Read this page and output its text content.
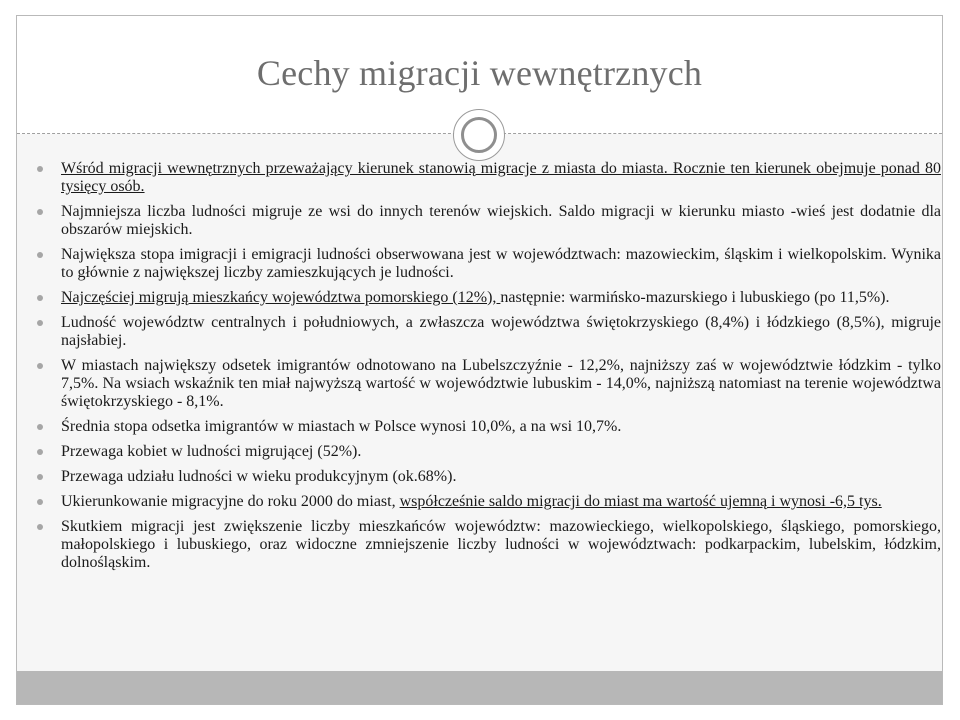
Cechy migracji wewnętrznych
Wśród migracji wewnętrznych przeważający kierunek stanowią migracje z miasta do miasta. Rocznie ten kierunek obejmuje ponad 80 tysięcy osób.
Najmniejsza liczba ludności migruje ze wsi do innych terenów wiejskich. Saldo migracji w kierunku miasto -wieś jest dodatnie dla obszarów miejskich.
Największa stopa imigracji i emigracji ludności obserwowana jest w województwach: mazowieckim, śląskim i wielkopolskim. Wynika to głównie z największej liczby zamieszkujących je ludności.
Najczęściej migrują mieszkańcy województwa pomorskiego (12%), następnie: warmińsko-mazurskiego i lubuskiego (po 11,5%).
Ludność województw centralnych i południowych, a zwłaszcza województwa świętokrzyskiego (8,4%) i łódzkiego (8,5%), migruje najsłabiej.
W miastach największy odsetek imigrantów odnotowano na Lubelszczyźnie - 12,2%, najniższy zaś w województwie łódzkim - tylko 7,5%. Na wsiach wskaźnik ten miał najwyższą wartość w województwie lubuskim - 14,0%, najniższą natomiast na terenie województwa świętokrzyskiego - 8,1%.
Średnia stopa odsetka imigrantów w miastach w Polsce wynosi 10,0%, a na wsi 10,7%.
Przewaga kobiet w ludności migrującej (52%).
Przewaga udziału ludności w wieku produkcyjnym (ok.68%).
Ukierunkowanie migracyjne do roku 2000 do miast, współcześnie saldo migracji do miast ma wartość ujemną i wynosi -6,5 tys.
Skutkiem migracji jest zwiększenie liczby mieszkańców województw: mazowieckiego, wielkopolskiego, śląskiego, pomorskiego, małopolskiego i lubuskiego, oraz widoczne zmniejszenie liczby ludności w województwach: podkarpackim, lubelskim, łódzkim, dolnośląskim.
